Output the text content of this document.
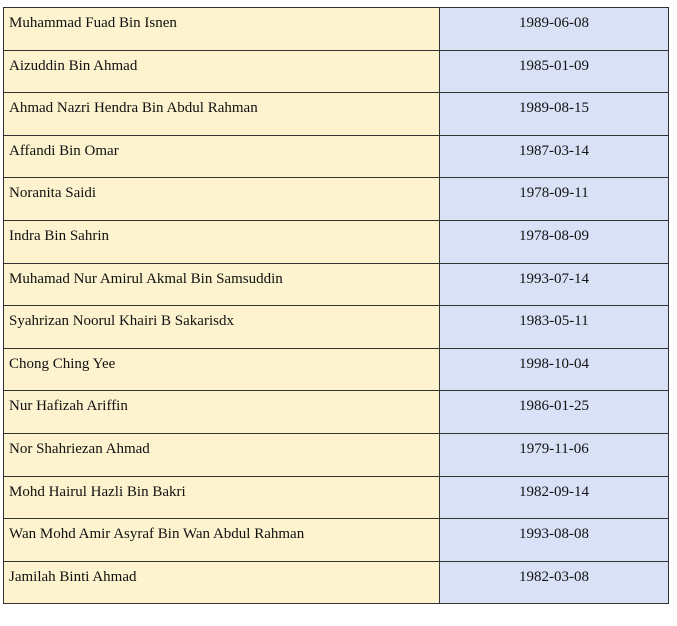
Muhammad Fuad Bin Isnen	1989-06-08
Aizuddin Bin Ahmad	1985-01-09
Ahmad Nazri Hendra Bin Abdul Rahman	1989-08-15
Affandi Bin Omar	1987-03-14
Noranita Saidi	1978-09-11
Indra Bin Sahrin	1978-08-09
Muhamad Nur Amirul Akmal Bin Samsuddin	1993-07-14
Syahrizan Noorul Khairi B Sakarisdx	1983-05-11
Chong Ching Yee	1998-10-04
Nur Hafizah Ariffin	1986-01-25
Nor Shahriezan Ahmad	1979-11-06
Mohd Hairul Hazli Bin Bakri	1982-09-14
Wan Mohd Amir Asyraf Bin Wan Abdul Rahman	1993-08-08
Jamilah Binti Ahmad	1982-03-08
